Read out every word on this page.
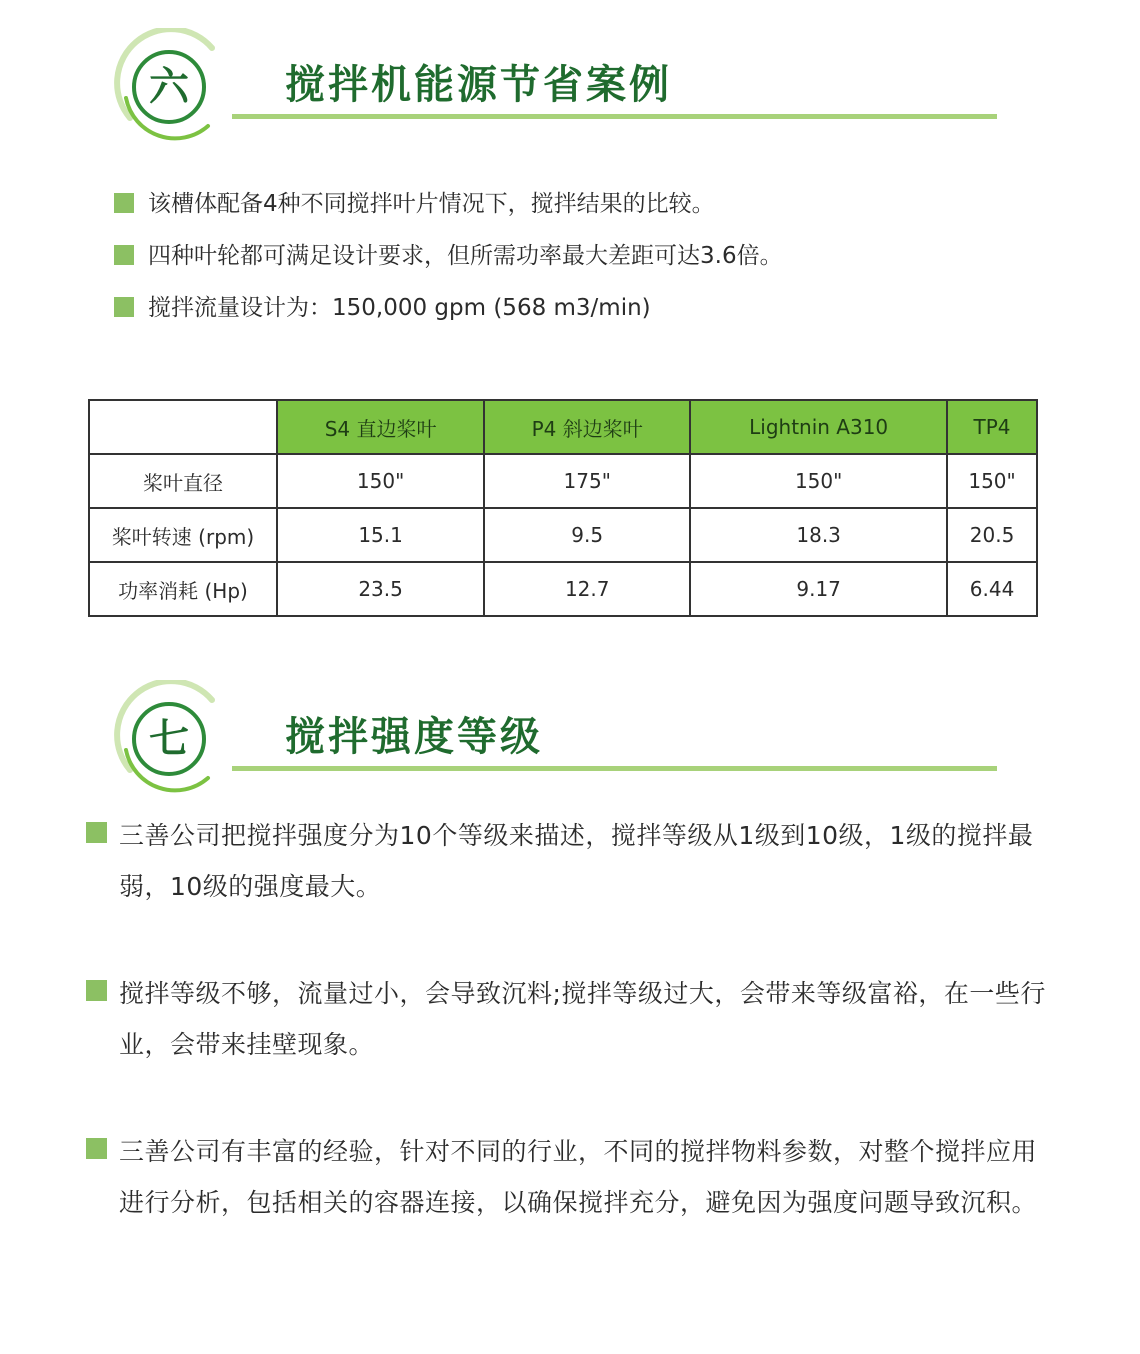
六	搅拌机能源节省案例
该槽体配备4种不同搅拌叶片情况下，搅拌结果的比较。
四种叶轮都可满足设计要求，但所需功率最大差距可达3.6倍。
搅拌流量设计为：150,000 gpm (568 m3/min)
	S4 直边桨叶	P4 斜边桨叶	Lightnin A310	TP4
桨叶直径	150"	175"	150"	150"
桨叶转速 (rpm)	15.1	9.5	18.3	20.5
功率消耗 (Hp)	23.5	12.7	9.17	6.44
七	搅拌强度等级
三善公司把搅拌强度分为10个等级来描述，搅拌等级从1级到10级，1级的搅拌最弱，10级的强度最大。
搅拌等级不够，流量过小，会导致沉料;搅拌等级过大，会带来等级富裕，在一些行业，会带来挂壁现象。
三善公司有丰富的经验，针对不同的行业，不同的搅拌物料参数，对整个搅拌应用进行分析，包括相关的容器连接，以确保搅拌充分，避免因为强度问题导致沉积。
